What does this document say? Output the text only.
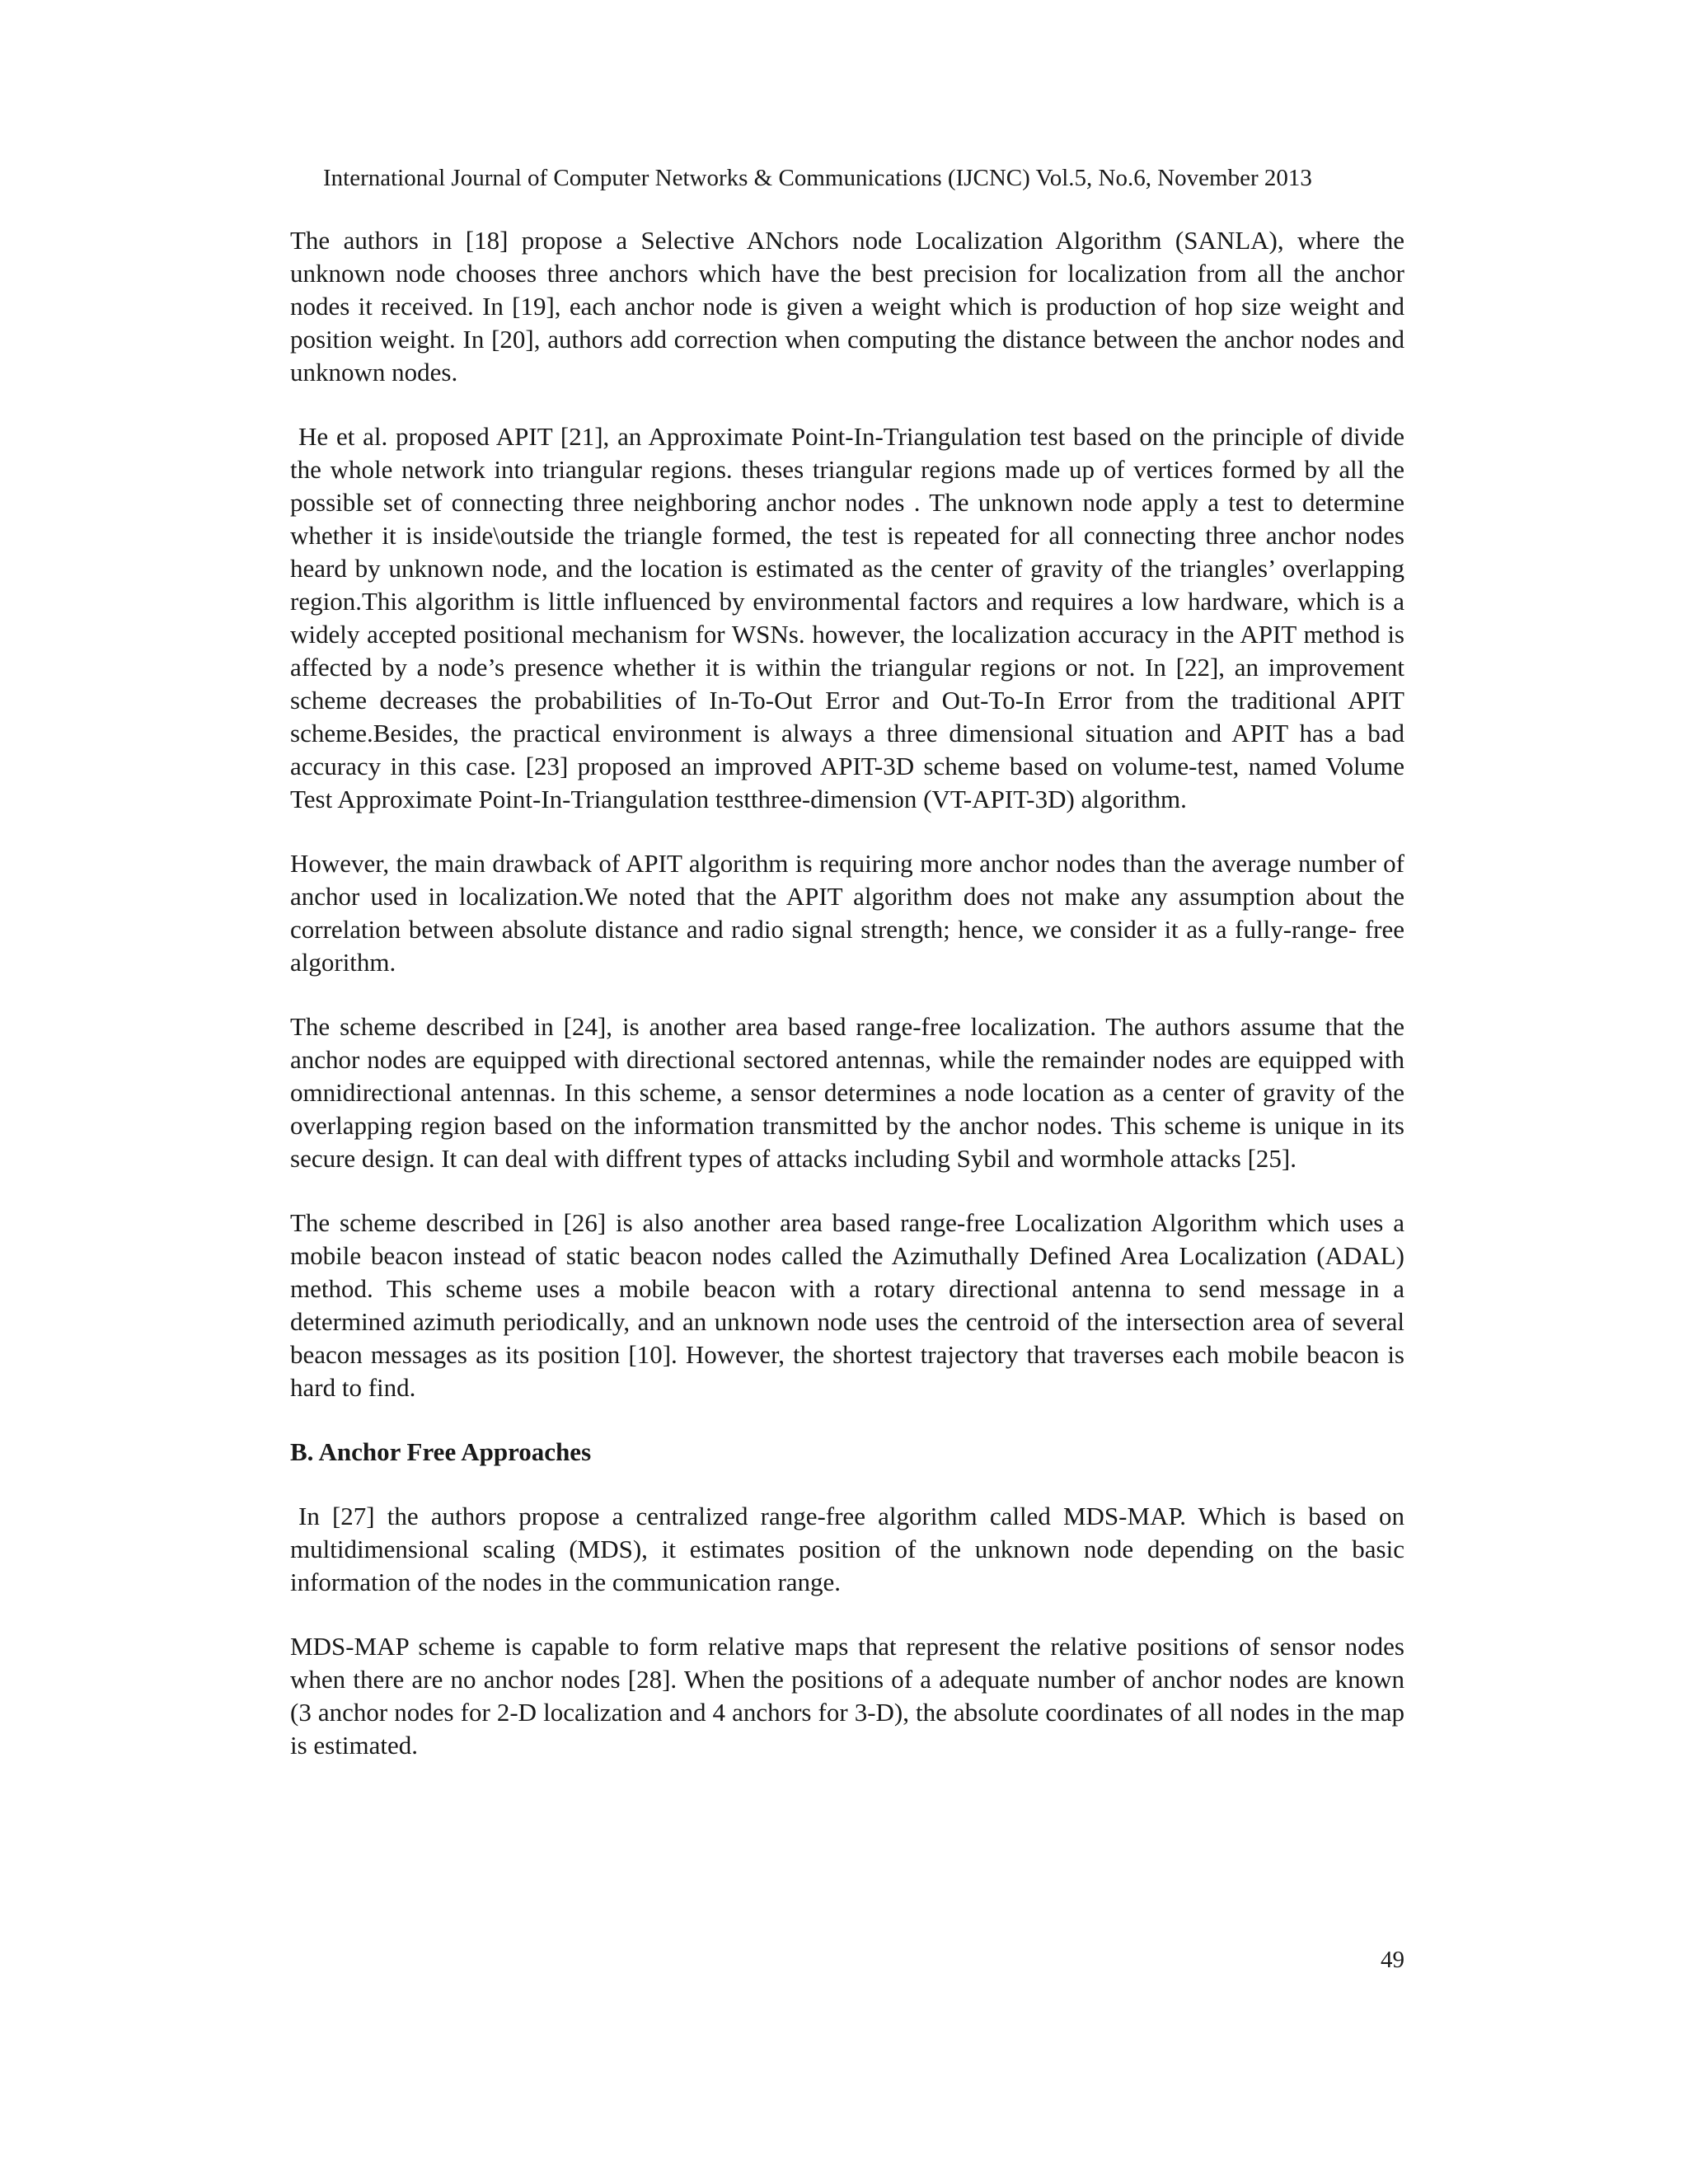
International Journal of Computer Networks & Communications (IJCNC) Vol.5, No.6, November 2013

The authors in [18] propose a Selective ANchors node Localization Algorithm (SANLA), where the unknown node chooses three anchors which have the best precision for localization from all the anchor nodes it received. In [19], each anchor node is given a weight which is production of hop size weight and position weight. In [20], authors add correction when computing the distance between the anchor nodes and unknown nodes.

He et al. proposed APIT [21], an Approximate Point-In-Triangulation test based on the principle of divide the whole network into triangular regions. theses triangular regions made up of vertices formed by all the possible set of connecting three neighboring anchor nodes . The unknown node apply a test to determine whether it is inside\outside the triangle formed, the test is repeated for all connecting three anchor nodes heard by unknown node, and the location is estimated as the center of gravity of the triangles’ overlapping region.This algorithm is little influenced by environmental factors and requires a low hardware, which is a widely accepted positional mechanism for WSNs. however, the localization accuracy in the APIT method is affected by a node’s presence whether it is within the triangular regions or not. In [22], an improvement scheme decreases the probabilities of In-To-Out Error and Out-To-In Error from the traditional APIT scheme.Besides, the practical environment is always a three dimensional situation and APIT has a bad accuracy in this case. [23] proposed an improved APIT-3D scheme based on volume-test, named Volume Test Approximate Point-In-Triangulation testthree-dimension (VT-APIT-3D) algorithm.

However, the main drawback of APIT algorithm is requiring more anchor nodes than the average number of anchor used in localization.We noted that the APIT algorithm does not make any assumption about the correlation between absolute distance and radio signal strength; hence, we consider it as a fully-range- free algorithm.

The scheme described in [24], is another area based range-free localization. The authors assume that the anchor nodes are equipped with directional sectored antennas, while the remainder nodes are equipped with omnidirectional antennas. In this scheme, a sensor determines a node location as a center of gravity of the overlapping region based on the information transmitted by the anchor nodes. This scheme is unique in its secure design. It can deal with diffrent types of attacks including Sybil and wormhole attacks [25].

The scheme described in [26] is also another area based range-free Localization Algorithm which uses a mobile beacon instead of static beacon nodes called the Azimuthally Defined Area Localization (ADAL) method. This scheme uses a mobile beacon with a rotary directional antenna to send message in a determined azimuth periodically, and an unknown node uses the centroid of the intersection area of several beacon messages as its position [10]. However, the shortest trajectory that traverses each mobile beacon is hard to find.

B. Anchor Free Approaches

In [27] the authors propose a centralized range-free algorithm called MDS-MAP. Which is based on multidimensional scaling (MDS), it estimates position of the unknown node depending on the basic information of the nodes in the communication range.

MDS-MAP scheme is capable to form relative maps that represent the relative positions of sensor nodes when there are no anchor nodes [28]. When the positions of a adequate number of anchor nodes are known (3 anchor nodes for 2-D localization and 4 anchors for 3-D), the absolute coordinates of all nodes in the map is estimated.

49
